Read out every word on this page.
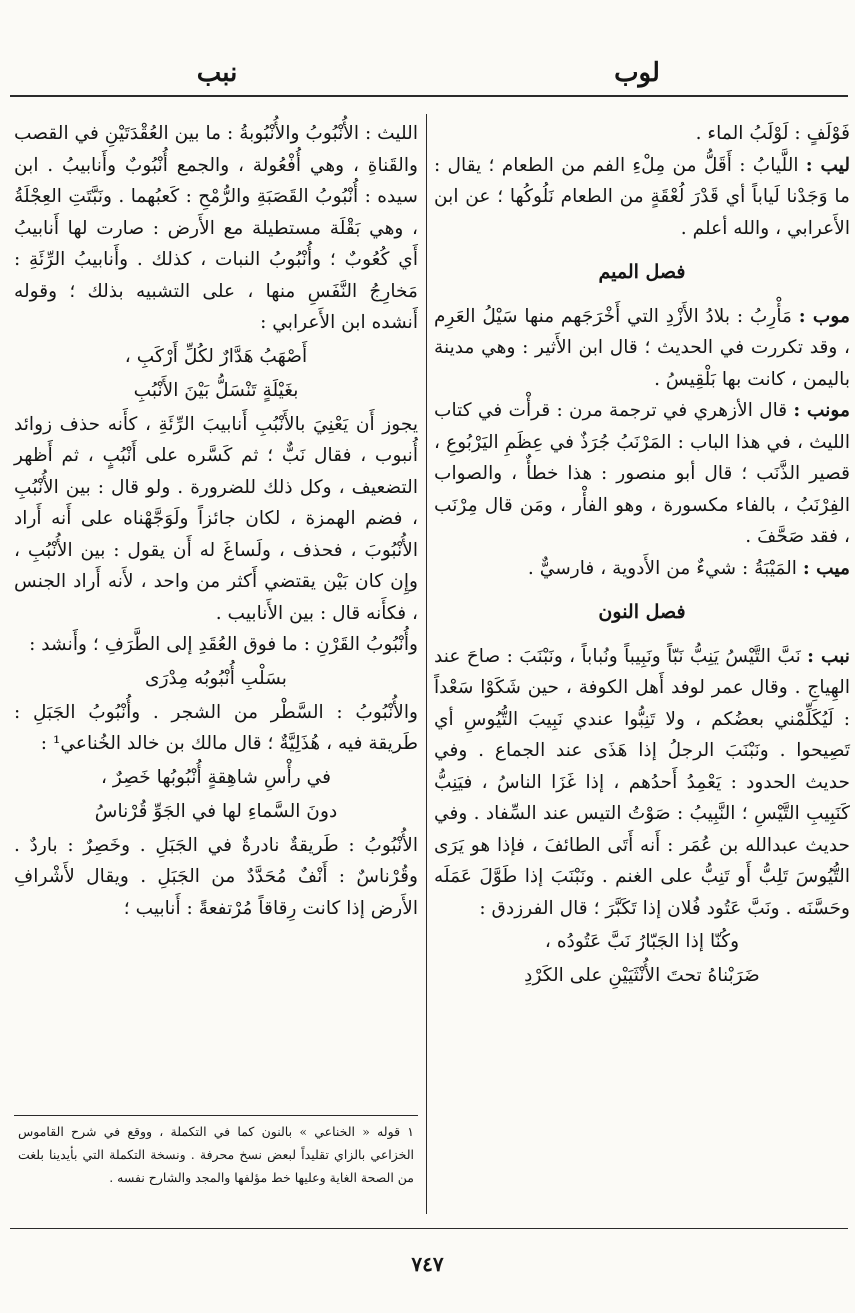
لوب
نبب

فَوْلَفٍ : لَوْلَبُ الماء .

ليب : اللَّيابُ : أَقَلُّ من مِلْءِ الفم من الطعام ؛ يقال : ما وَجَدْنا لَياباً أي قَدْرَ لُعْقَةٍ من الطعام نَلُوكُها ؛ عن ابن الأَعرابي ، والله أعلم .

فصل الميم

موب : مَأْرِبُ : بلادُ الأَزْدِ التي أَخْرَجَهم منها سَيْلُ العَرِم ، وقد تكررت في الحديث ؛ قال ابن الأَثير : وهي مدينة باليمن ، كانت بها بَلْقِيسُ .

مونب : قال الأزهري في ترجمة مرن : قرأْت في كتاب الليث ، في هذا الباب : المَرْنَبُ جُرَذٌ في عِظَمِ اليَرْبُوعِ ، قصير الذَّنَب ؛ قال أبو منصور : هذا خطأٌ ، والصواب الفِرْنَبُ ، بالفاء مكسورة ، وهو الفأْر ، ومَن قال مِرْنَب ، فقد صَحَّفَ .

ميب : المَيْبَةُ : شيءٌ من الأَدوية ، فارسيٌّ .

فصل النون

نبب : نَبَّ التَّيْسُ يَنِبُّ نَبّاً ونَبِيباً ونُباباً ، ونَبْنَبَ : صاحَ عند الهِياجِ . وقال عمر لوفد أَهل الكوفة ، حين شَكَوْا سَعْداً : لَيُكَلِّمْني بعضُكم ، ولا تَنِبُّوا عندي نَبِيبَ التُّيُوسِ أي تَصِيحوا . ونَبْنَبَ الرجلُ إذا هَذَى عند الجماع . وفي حديث الحدود : يَعْمِدُ أَحدُهم ، إذا غَزَا الناسُ ، فيَنِبُّ كَنَبِيبِ التَّيْسِ ؛ النَّبِيبُ : صَوْتُ التيس عند السِّفاد . وفي حديث عبدالله بن عُمَر : أَنه أَتَى الطائفَ ، فإذا هو يَرَى التُّيُوسَ تَلِبُّ أَو تَنِبُّ على الغنم . ونَبْنَبَ إذا طَوَّلَ عَمَلَه وحَسَّنَه . ونَبَّ عَتُود فُلان إذا تَكَبَّرَ ؛ قال الفرزدق :

وكُنّا إذا الجَبّارُ نَبَّ عَتُودُه ،
ضَرَبْناهُ تحتَ الأُنْثَيَيْنِ على الكَرْدِ

الليث : الأُنْبُوبُ والأُنْبُوبةُ : ما بين العُقْدَتَيْنِ في القصب والقَناةِ ، وهي أُفْعُولة ، والجمع أُنْبُوبٌ وأَنابيبُ . ابن سيده : أُنْبُوبُ القَصَبَةِ والرُّمْحِ : كَعبُهما . ونَبَّتَتِ العِجْلَةُ ، وهي بَقْلَة مستطيلة مع الأَرض : صارت لها أَنابيبُ أَي كُعُوبٌ ؛ وأُنْبُوبُ النبات ، كذلك . وأَنابيبُ الرِّئَةِ : مَخارِجُ النَّفَسِ منها ، على التشبيه بذلك ؛ وقوله أَنشده ابن الأَعرابي :

أَصْهَبُ هَدَّارٌ لكُلِّ أَرْكَبِ ،
بغَيْلَةٍ تَنْسَلُّ بَيْنَ الأَنْبُبِ

يجوز أَن يَعْنِيَ بالأَنْبُبِ أَنابيبَ الرِّئَةِ ، كأَنه حذف زوائد أُنبوب ، فقال نَبٌّ ؛ ثم كَسَّره على أَنْبُبٍ ، ثم أَظهر التضعيف ، وكل ذلك للضرورة . ولو قال : بين الأُنْبُبِ ، فضم الهمزة ، لكان جائزاً ولَوَجَّهْناه على أَنه أَراد الأُنْبُوبَ ، فحذف ، ولَساغَ له أَن يقول : بين الأُنْبُبِ ، وإِن كان بَيْن يقتضي أَكثر من واحد ، لأَنه أَراد الجنس ، فكأَنه قال : بين الأَنابيب .

وأُنْبُوبُ القَرْنِ : ما فوق العُقَدِ إلى الطَّرَفِ ؛ وأَنشد :

بسَلْبِ أُنْبُوبُه مِدْرَى

والأُنْبُوبُ : السَّطْر من الشجر . وأُنْبُوبُ الجَبَلِ : طَريقة فيه ، هُذَلِيَّةٌ ؛ قال مالك بن خالد الخُناعي¹ :

في رأْسِ شاهِقةٍ أُنْبُوبُها خَصِرٌ ،
دونَ السَّماءِ لها في الجَوِّ قُرْناسُ

الأُنْبُوبُ : طَريقةٌ نادرةٌ في الجَبَلِ . وخَصِرٌ : باردٌ . وقُرْناسٌ : أَنْفٌ مُحَدَّدٌ من الجَبَلِ . ويقال لأَشْرافِ الأَرض إذا كانت رِقاقاً مُرْتفعةً : أَنابيب ؛

١ قوله « الخناعي » بالنون كما في التكملة ، ووقع في شرح القاموس الخزاعي بالزاي تقليداً لبعض نسخ محرفة . ونسخة التكملة التي بأيدينا بلغت من الصحة الغاية وعليها خط مؤلفها والمجد والشارح نفسه .
٧٤٧
